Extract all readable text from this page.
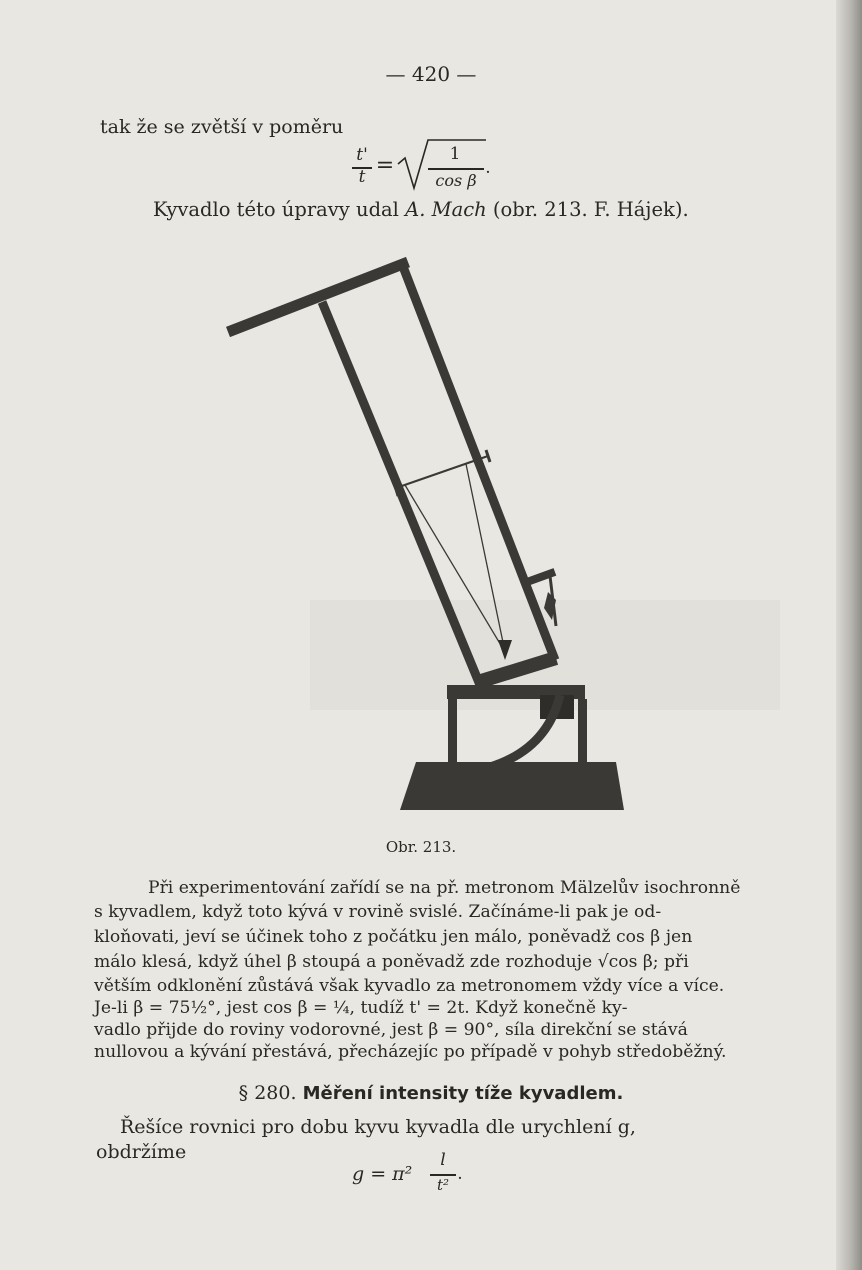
— 420 —
tak že se zvětší v poměru
t'
t =	1
cos β
.
Kyvadlo této úpravy udal A. Mach (obr. 213. F. Hájek).
Obr. 213.
Při experimentování zařídí se na př. metronom Mälzelův isochronně
s kyvadlem, když toto kývá v rovině svislé. Začínáme-li pak je od-
kloňovati, jeví se účinek toho z počátku jen málo, poněvadž cos β jen
málo klesá, když úhel β stoupá a poněvadž zde rozhoduje √cos β; při
větším odklonění zůstává však kyvadlo za metronomem vždy více a více.
Je-li β = 75½°, jest cos β = ¼, tudíž t' = 2t. Když konečně ky-
vadlo přijde do roviny vodorovné, jest β = 90°, síla direkční se stává
nullovou a kývání přestává, přecházejíc po případě v pohyb středoběžný.
§ 280. Měření intensity tíže kyvadlem.
Řešíce rovnici pro dobu kyvu kyvadla dle urychlení g,
obdržíme
g = π²
l
t²
.
